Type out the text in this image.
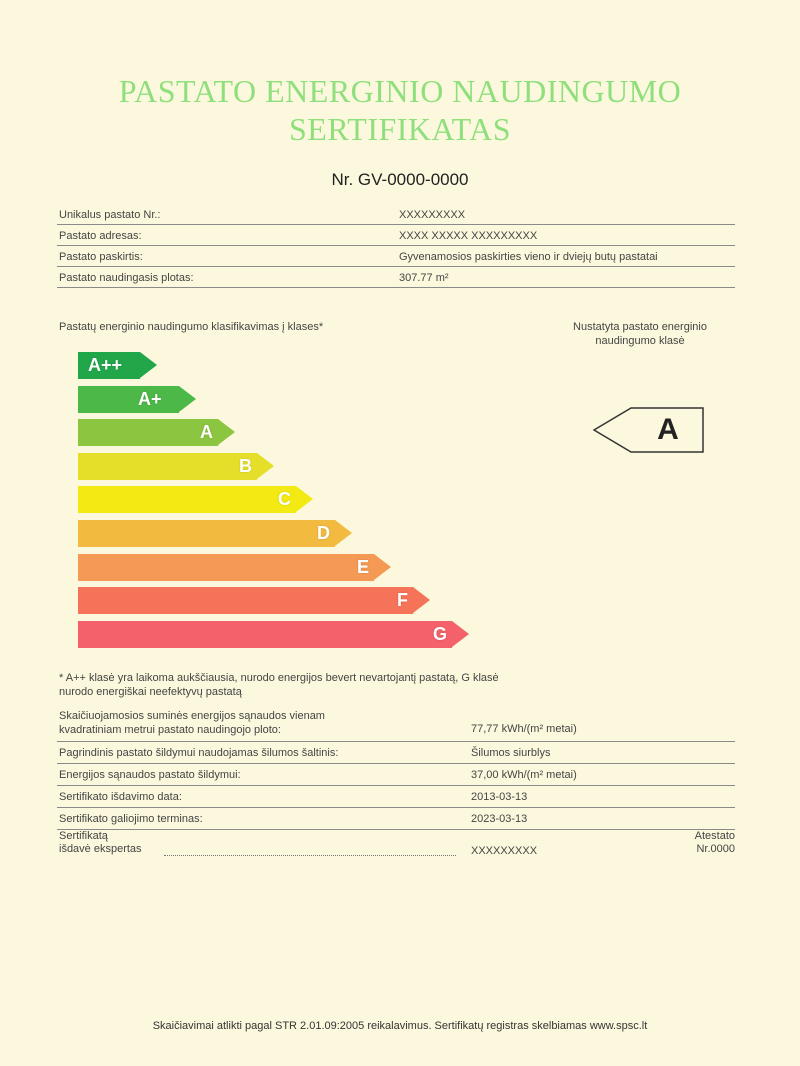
PASTATO ENERGINIO NAUDINGUMO
SERTIFIKATAS
Nr. GV-0000-0000
Unikalus pastato Nr.:	XXXXXXXXX
Pastato adresas:	XXXX XXXXX XXXXXXXXX
Pastato paskirtis:	Gyvenamosios paskirties vieno ir dviejų butų pastatai
Pastato naudingasis plotas:	307.77 m²
Pastatų energinio naudingumo klasifikavimas į klases*	Nustatyta pastato energinio naudingumo klasė
A++
A+
A
B
C
D
E
F
G
A
* A++ klasė yra laikoma aukščiausia, nurodo energijos bevert nevartojantį pastatą, G klasė nurodo energiškai neefektyvų pastatą
Skaičiuojamosios suminės energijos sąnaudos vienam
kvadratiniam metrui pastato naudingojo ploto:	77,77 kWh/(m² metai)
Pagrindinis pastato šildymui naudojamas šilumos šaltinis:	Šilumos siurblys
Energijos sąnaudos pastato šildymui:	37,00 kWh/(m² metai)
Sertifikato išdavimo data:	2013-03-13
Sertifikato galiojimo terminas:	2023-03-13
Sertifikatą
išdavė ekspertas	XXXXXXXXX
Atestato
Nr.0000
Skaičiavimai atlikti pagal STR 2.01.09:2005 reikalavimus. Sertifikatų registras skelbiamas www.spsc.lt
